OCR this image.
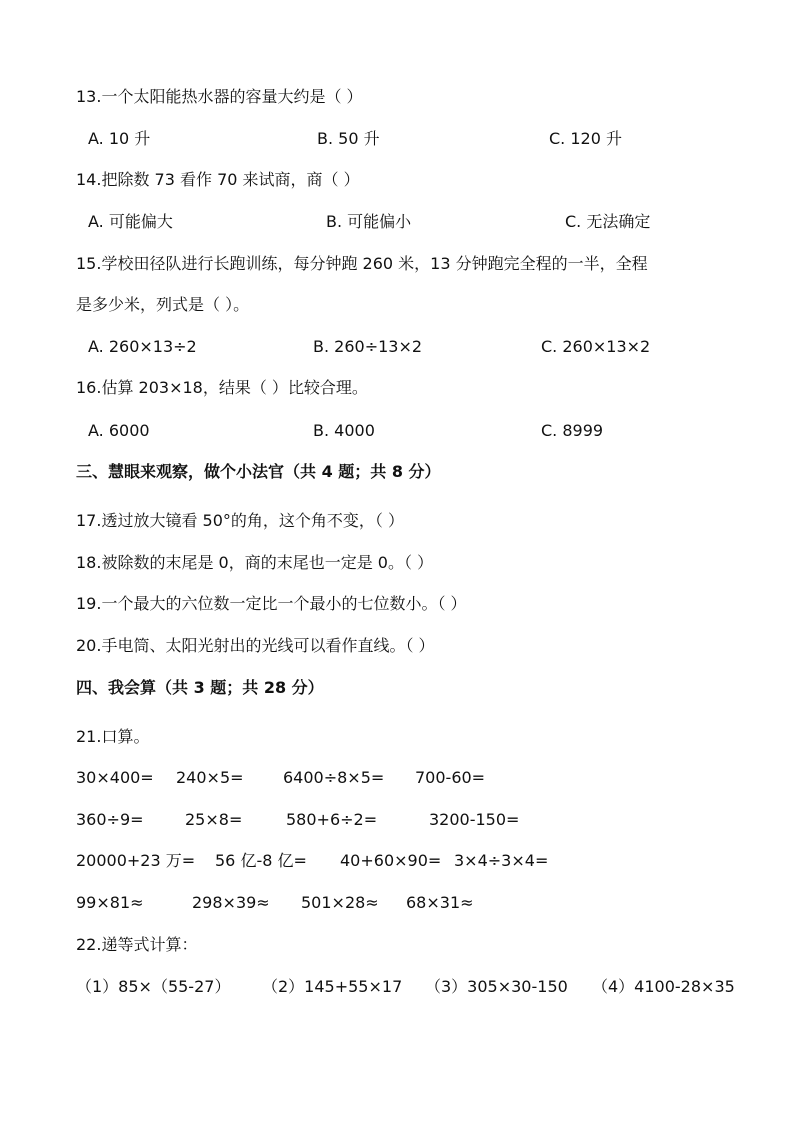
13.一个太阳能热水器的容量大约是（ ）
A. 10 升	B. 50 升	C. 120 升
14.把除数 73 看作 70 来试商，商（ ）
A. 可能偏大	B. 可能偏小	C. 无法确定
15.学校田径队进行长跑训练，每分钟跑 260 米，13 分钟跑完全程的一半，全程
是多少米，列式是（ ）。
A. 260×13÷2	B. 260÷13×2	C. 260×13×2
16.估算 203×18，结果（ ）比较合理。
A. 6000	B. 4000	C. 8999
三、慧眼来观察，做个小法官（共 4 题；共 8 分）
17.透过放大镜看 50°的角，这个角不变，（ ）
18.被除数的末尾是 0，商的末尾也一定是 0。（ ）
19.一个最大的六位数一定比一个最小的七位数小。（ ）
20.手电筒、太阳光射出的光线可以看作直线。（ ）
四、我会算（共 3 题；共 28 分）
21.口算。
30×400= 240×5= 6400÷8×5= 700-60=
360÷9=	25×8=	580+6÷2=	3200-150=
20000+23 万= 56 亿-8 亿= 40+60×90= 3×4÷3×4=
99×81≈	298×39≈ 501×28≈ 68×31≈
22.递等式计算：
（1）85×（55-27） （2）145+55×17 （3）305×30-150 （4）4100-28×35
